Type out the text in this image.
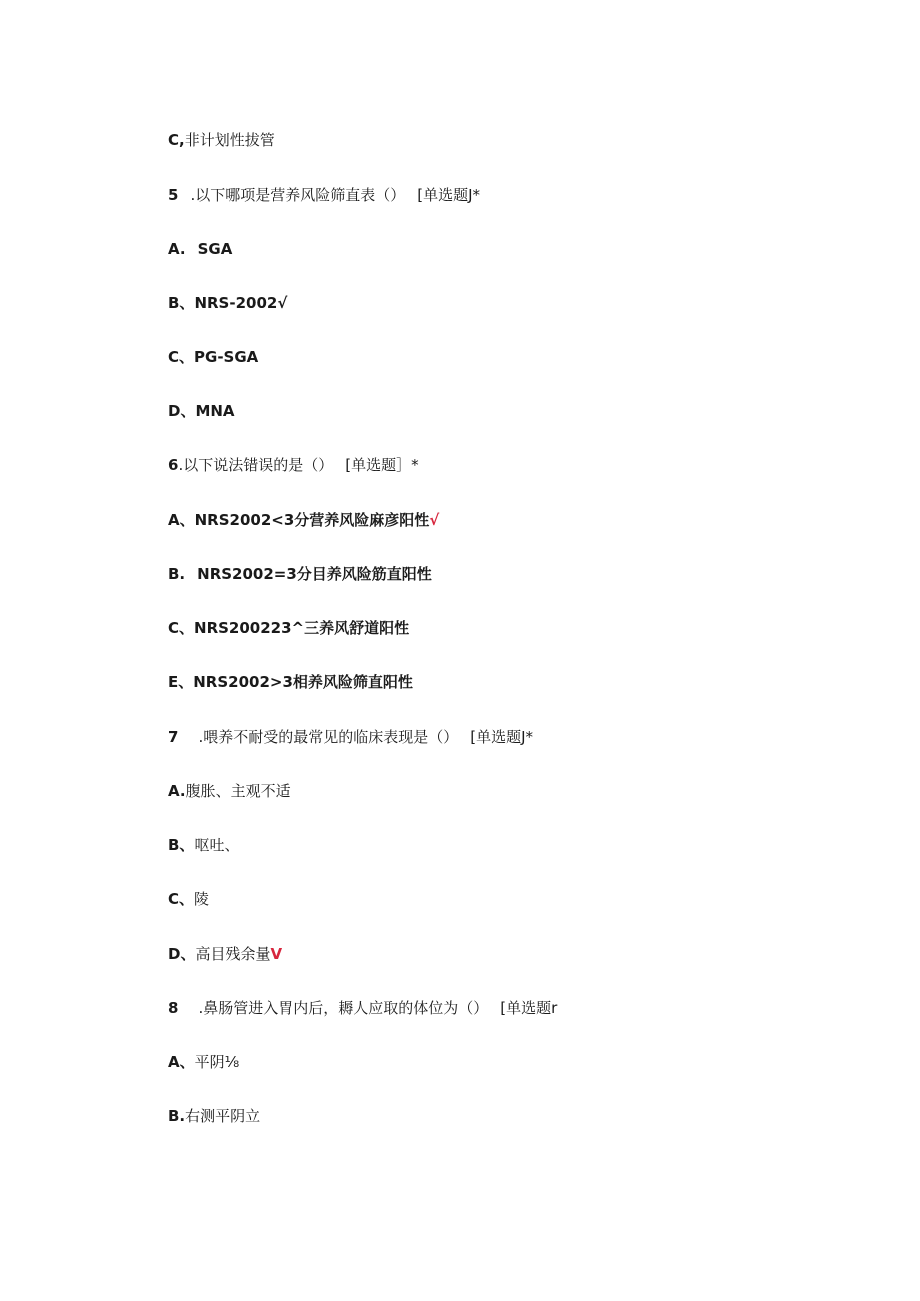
C,非计划性拔管
5 .以下哪项是营养风险筛直表（） [单选题J*
A. SGA
B、NRS-2002√
C、PG-SGA
D、MNA
6.以下说法错误的是（） [单选题］*
A、NRS2002<3分营养风险麻彦阳性√
B. NRS2002=3分目养风险筋直阳性
C、NRS200223^三养风舒道阳性
E、NRS2002>3相养风险筛直阳性
7 .喂养不耐受的最常见的临床表现是（） [单选题J*
A.腹胀、主观不适
B、呕吐、
C、陵
D、高目残余量V
8 .鼻肠管进入胃内后，耨人应取的体位为（） [单选题r
A、平阴⅛
B.右测平阴立
